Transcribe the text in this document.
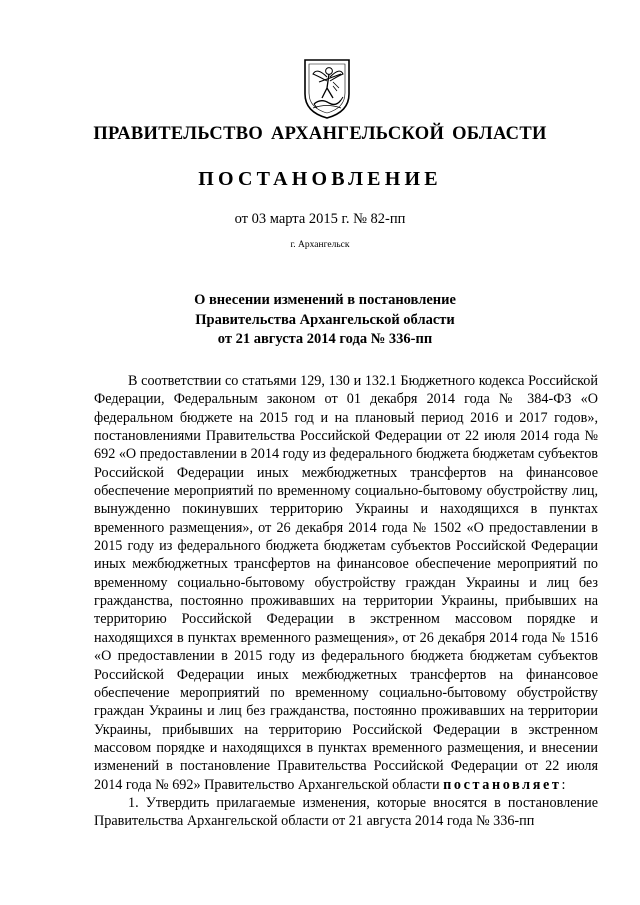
ПРАВИТЕЛЬСТВО АРХАНГЕЛЬСКОЙ ОБЛАСТИ
ПОСТАНОВЛЕНИЕ
от 03 марта 2015 г. № 82-пп
г. Архангельск
О внесении изменений в постановление
Правительства Архангельской области
от 21 августа 2014 года № 336-пп

В соответствии со статьями 129, 130 и 132.1 Бюджетного кодекса Российской Федерации, Федеральным законом от 01 декабря 2014 года № 384-ФЗ «О федеральном бюджете на 2015 год и на плановый период 2016 и 2017 годов», постановлениями Правительства Российской Федерации от 22 июля 2014 года № 692 «О предоставлении в 2014 году из федерального бюджета бюджетам субъектов Российской Федерации иных межбюджетных трансфертов на финансовое обеспечение мероприятий по временному социально-бытовому обустройству лиц, вынужденно покинувших территорию Украины и находящихся в пунктах временного размещения», от 26 декабря 2014 года № 1502 «О предоставлении в 2015 году из федерального бюджета бюджетам субъектов Российской Федерации иных межбюджетных трансфертов на финансовое обеспечение мероприятий по временному социально-бытовому обустройству граждан Украины и лиц без гражданства, постоянно проживавших на территории Украины, прибывших на территорию Российской Федерации в экстренном массовом порядке и находящихся в пунктах временного размещения», от 26 декабря 2014 года № 1516 «О предоставлении в 2015 году из федерального бюджета бюджетам субъектов Российской Федерации иных межбюджетных трансфертов на финансовое обеспечение мероприятий по временному социально-бытовому обустройству граждан Украины и лиц без гражданства, постоянно проживавших на территории Украины, прибывших на территорию Российской Федерации в экстренном массовом порядке и находящихся в пунктах временного размещения, и внесении изменений в постановление Правительства Российской Федерации от 22 июля 2014 года № 692» Правительство Архангельской области постановляет:

1. Утвердить прилагаемые изменения, которые вносятся в постановление Правительства Архангельской области от 21 августа 2014 года № 336-пп
